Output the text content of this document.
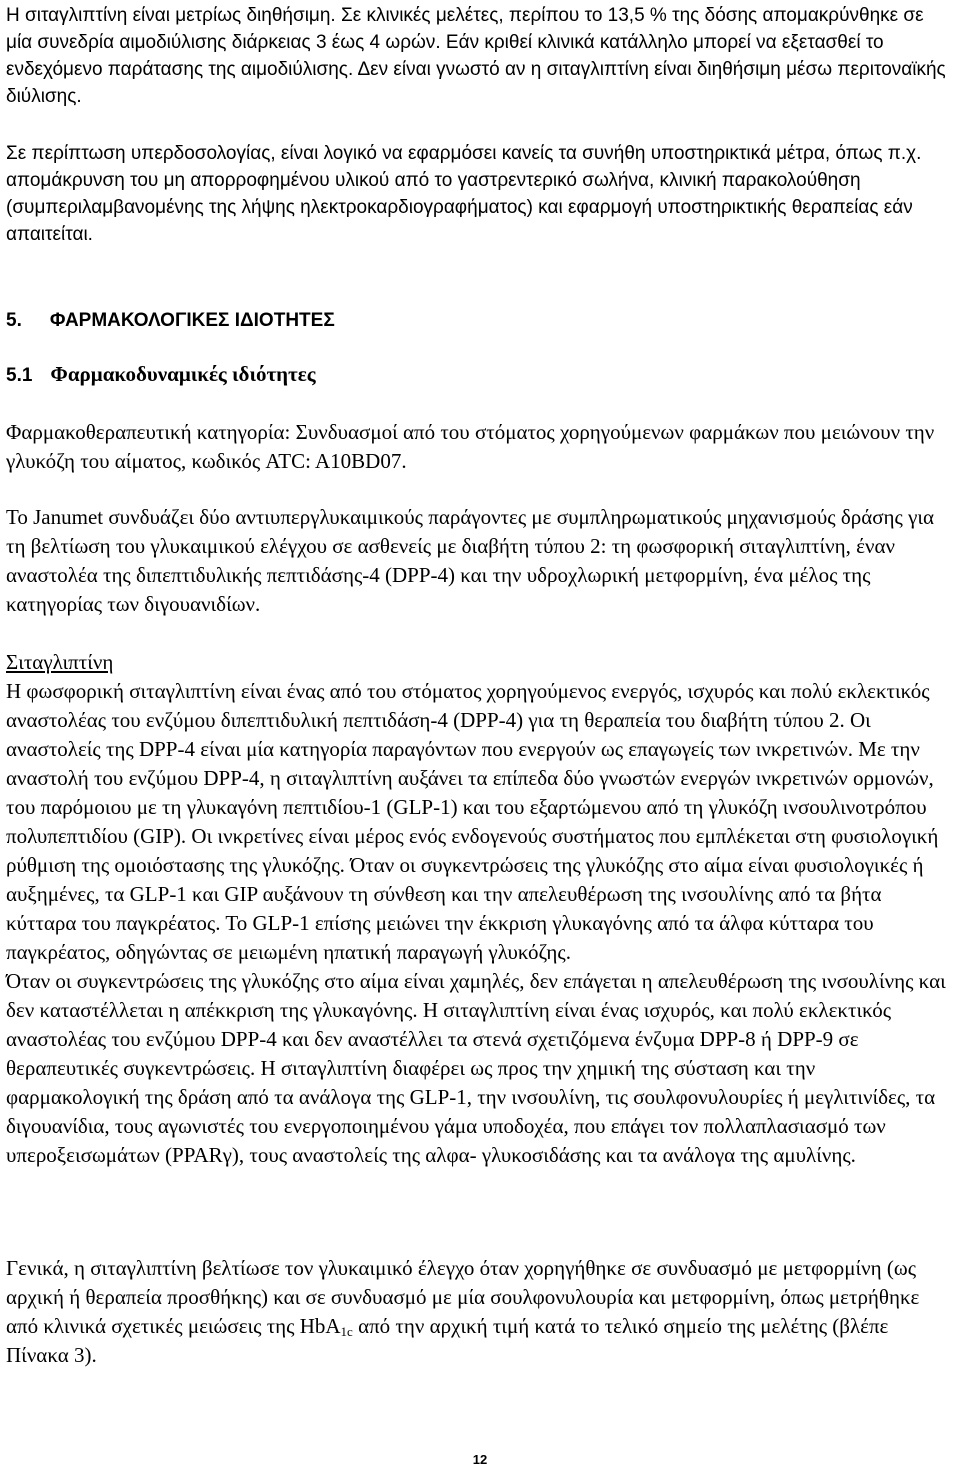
Η σιταγλιπτίνη είναι μετρίως διηθήσιμη. Σε κλινικές μελέτες, περίπου το 13,5 % της δόσης απομακρύνθηκε σε μία συνεδρία αιμοδιύλισης διάρκειας 3 έως 4 ωρών. Εάν κριθεί κλινικά κατάλληλο μπορεί να εξετασθεί το ενδεχόμενο παράτασης της αιμοδιύλισης. Δεν είναι γνωστό αν η σιταγλιπτίνη είναι διηθήσιμη μέσω περιτοναϊκής διύλισης.

Σε περίπτωση υπερδοσολογίας, είναι λογικό να εφαρμόσει κανείς τα συνήθη υποστηρικτικά μέτρα, όπως π.χ. απομάκρυνση του μη απορροφημένου υλικού από το γαστρεντερικό σωλήνα, κλινική παρακολούθηση (συμπεριλαμβανομένης της λήψης ηλεκτροκαρδιογραφήματος) και εφαρμογή υποστηρικτικής θεραπείας εάν απαιτείται.

5. ΦΑΡΜΑΚΟΛΟΓΙΚΕΣ ΙΔΙΟΤΗΤΕΣ
5.1 Φαρμακοδυναμικές ιδιότητες

Φαρμακοθεραπευτική κατηγορία: Συνδυασμοί από του στόματος χορηγούμενων φαρμάκων που μειώνουν την γλυκόζη του αίματος, κωδικός ATC: A10BD07.

Το Janumet συνδυάζει δύο αντιυπεργλυκαιμικούς παράγοντες με συμπληρωματικούς μηχανισμούς δράσης για τη βελτίωση του γλυκαιμικού ελέγχου σε ασθενείς με διαβήτη τύπου 2: τη φωσφορική σιταγλιπτίνη, έναν αναστολέα της διπεπτιδυλικής πεπτιδάσης-4 (DPP-4) και την υδροχλωρική μετφορμίνη, ένα μέλος της κατηγορίας των διγουανιδίων.

Σιταγλιπτίνη

Η φωσφορική σιταγλιπτίνη είναι ένας από του στόματος χορηγούμενος ενεργός, ισχυρός και πολύ εκλεκτικός αναστολέας του ενζύμου διπεπτιδυλική πεπτιδάση-4 (DPP-4) για τη θεραπεία του διαβήτη τύπου 2. Οι αναστολείς της DPP-4 είναι μία κατηγορία παραγόντων που ενεργούν ως επαγωγείς των ινκρετινών. Με την αναστολή του ενζύμου DPP-4, η σιταγλιπτίνη αυξάνει τα επίπεδα δύο γνωστών ενεργών ινκρετινών ορμονών, του παρόμοιου με τη γλυκαγόνη πεπτιδίου-1 (GLP-1) και του εξαρτώμενου από τη γλυκόζη ινσουλινοτρόπου πολυπεπτιδίου (GIP). Οι ινκρετίνες είναι μέρος ενός ενδογενούς συστήματος που εμπλέκεται στη φυσιολογική ρύθμιση της ομοιόστασης της γλυκόζης. Όταν οι συγκεντρώσεις της γλυκόζης στο αίμα είναι φυσιολογικές ή αυξημένες, τα GLP-1 και GIP αυξάνουν τη σύνθεση και την απελευθέρωση της ινσουλίνης από τα βήτα κύτταρα του παγκρέατος. Το GLP-1 επίσης μειώνει την έκκριση γλυκαγόνης από τα άλφα κύτταρα του παγκρέατος, οδηγώντας σε μειωμένη ηπατική παραγωγή γλυκόζης.

Όταν οι συγκεντρώσεις της γλυκόζης στο αίμα είναι χαμηλές, δεν επάγεται η απελευθέρωση της ινσουλίνης και δεν καταστέλλεται η απέκκριση της γλυκαγόνης. Η σιταγλιπτίνη είναι ένας ισχυρός, και πολύ εκλεκτικός αναστολέας του ενζύμου DPP-4 και δεν αναστέλλει τα στενά σχετιζόμενα ένζυμα DPP-8 ή DPP-9 σε θεραπευτικές συγκεντρώσεις. Η σιταγλιπτίνη διαφέρει ως προς την χημική της σύσταση και την φαρμακολογική της δράση από τα ανάλογα της GLP-1, την ινσουλίνη, τις σουλφονυλουρίες ή μεγλιτινίδες, τα διγουανίδια, τους αγωνιστές του ενεργοποιημένου γάμα υποδοχέα, που επάγει τον πολλαπλασιασμό των υπεροξεισωμάτων (PPARγ), τους αναστολείς της αλφα- γλυκοσιδάσης και τα ανάλογα της αμυλίνης.

Γενικά, η σιταγλιπτίνη βελτίωσε τον γλυκαιμικό έλεγχο όταν χορηγήθηκε σε συνδυασμό με μετφορμίνη (ως αρχική ή θεραπεία προσθήκης) και σε συνδυασμό με μία σουλφονυλουρία και μετφορμίνη, όπως μετρήθηκε από κλινικά σχετικές μειώσεις της HbA$_{1c}$ από την αρχική τιμή κατά το τελικό σημείο της μελέτης (βλέπε Πίνακα 3).

12
